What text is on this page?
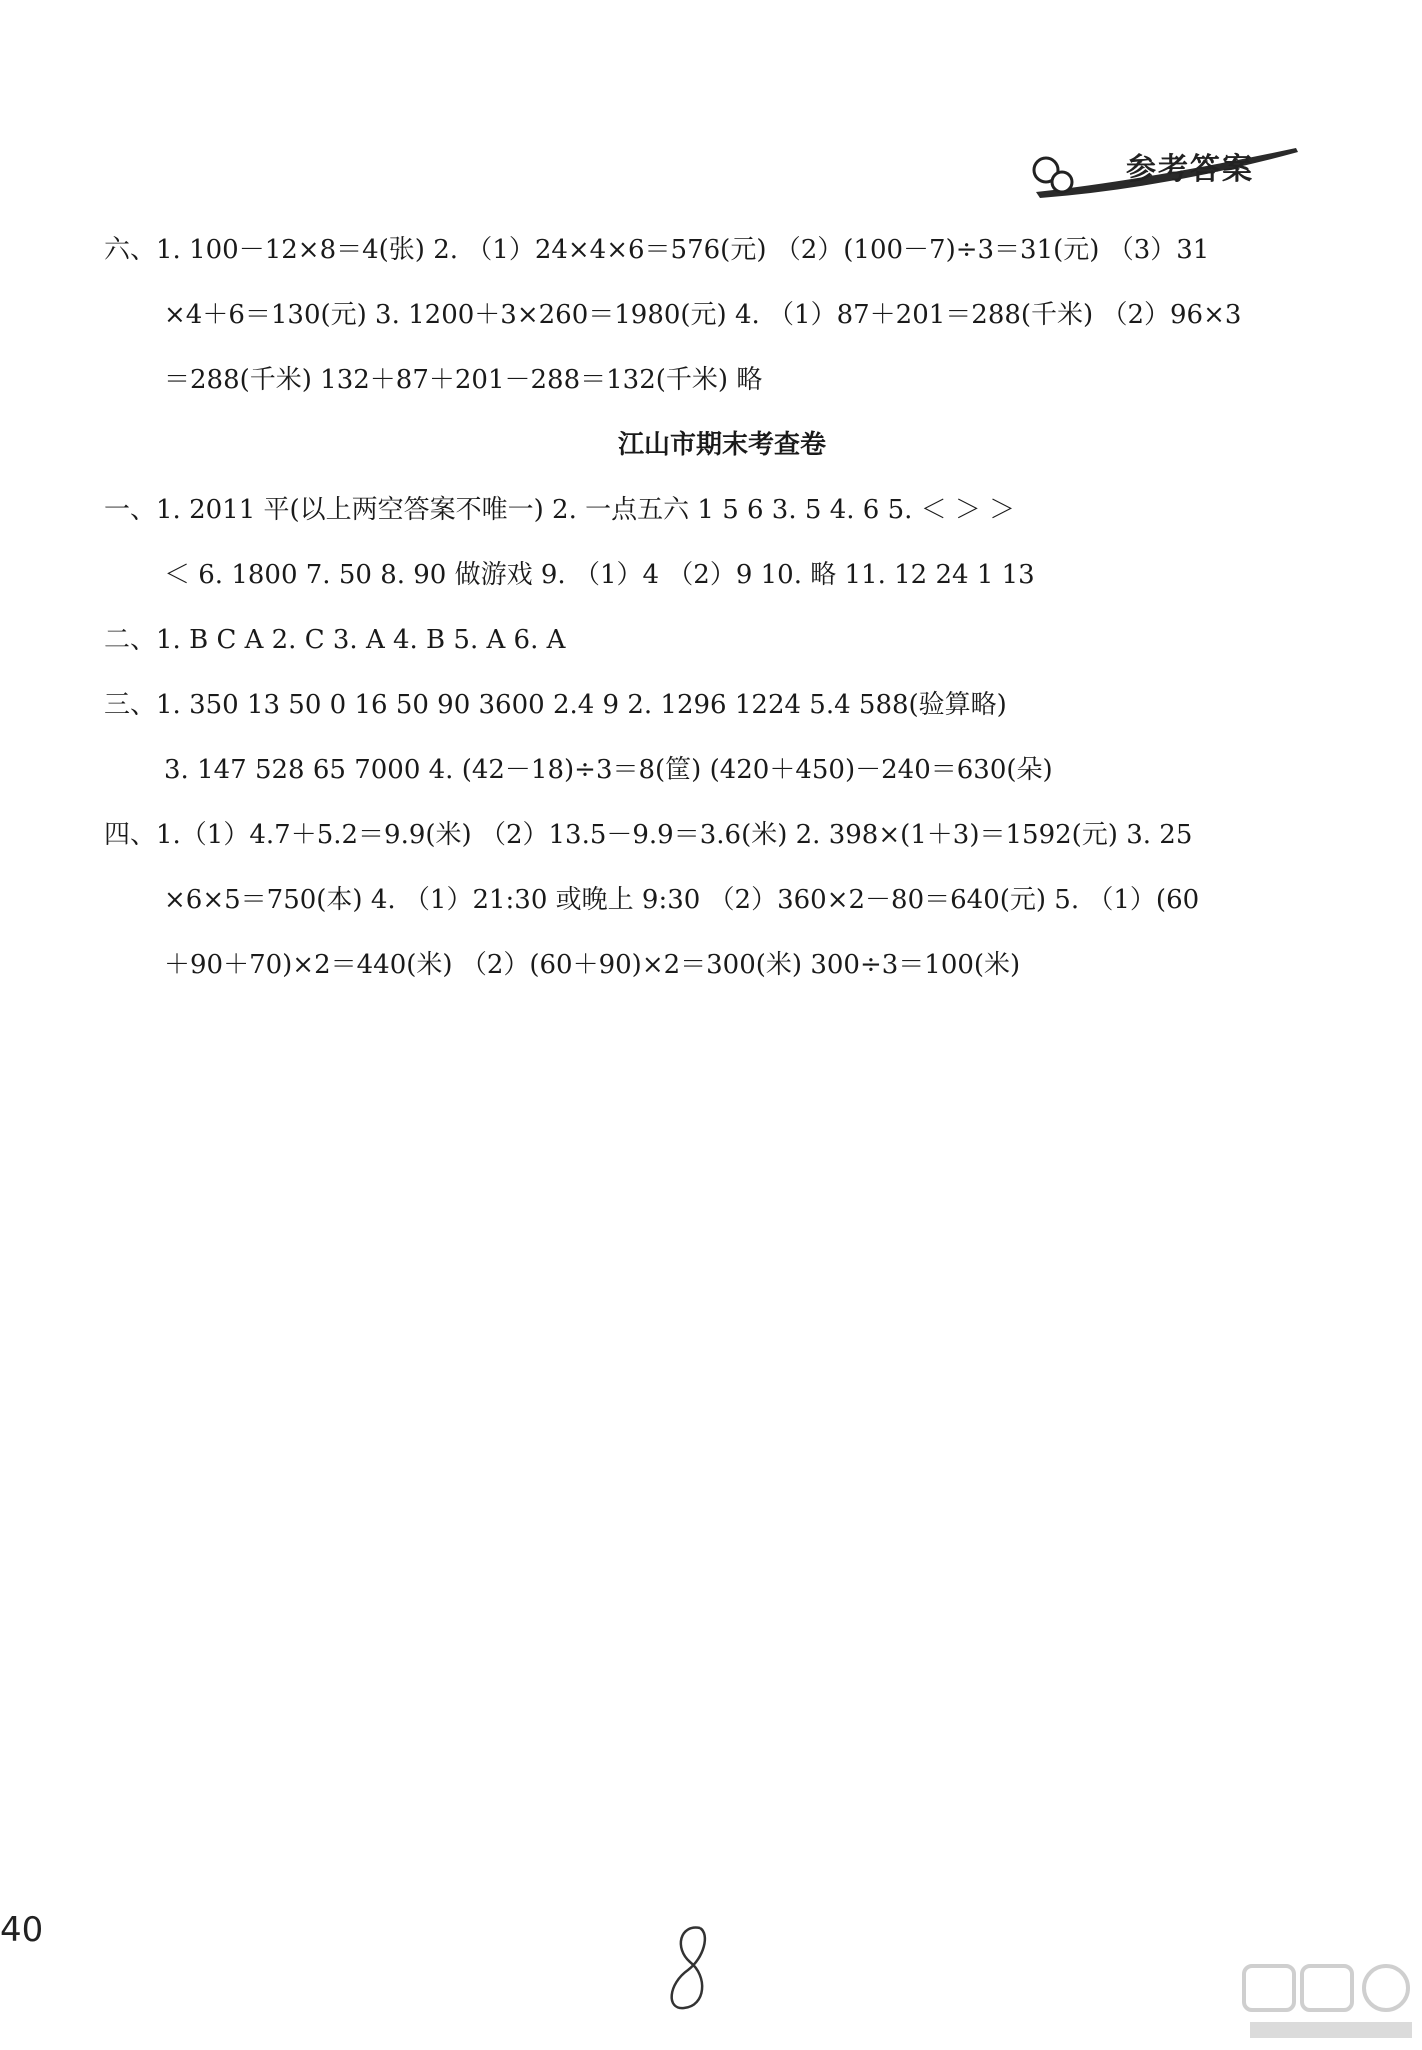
参考答案
六、1. 100－12×8＝4(张) 2. （1）24×4×6＝576(元) （2）(100－7)÷3＝31(元) （3）31
×4＋6＝130(元) 3. 1200＋3×260＝1980(元) 4. （1）87＋201＝288(千米) （2）96×3
＝288(千米) 132＋87＋201－288＝132(千米) 略
江山市期末考查卷
一、1. 2011 平(以上两空答案不唯一) 2. 一点五六 1 5 6 3. 5 4. 6 5. ＜ ＞ ＞
＜ 6. 1800 7. 50 8. 90 做游戏 9. （1）4 （2）9 10. 略 11. 12 24 1 13
二、1. B C A 2. C 3. A 4. B 5. A 6. A
三、1. 350 13 50 0 16 50 90 3600 2.4 9 2. 1296 1224 5.4 588(验算略)
3. 147 528 65 7000 4. (42－18)÷3＝8(筐) (420＋450)－240＝630(朵)
四、1.（1）4.7＋5.2＝9.9(米) （2）13.5－9.9＝3.6(米) 2. 398×(1＋3)＝1592(元) 3. 25
×6×5＝750(本) 4. （1）21:30 或晚上 9:30 （2）360×2－80＝640(元) 5. （1）(60
＋90＋70)×2＝440(米) （2）(60＋90)×2＝300(米) 300÷3＝100(米)
40
